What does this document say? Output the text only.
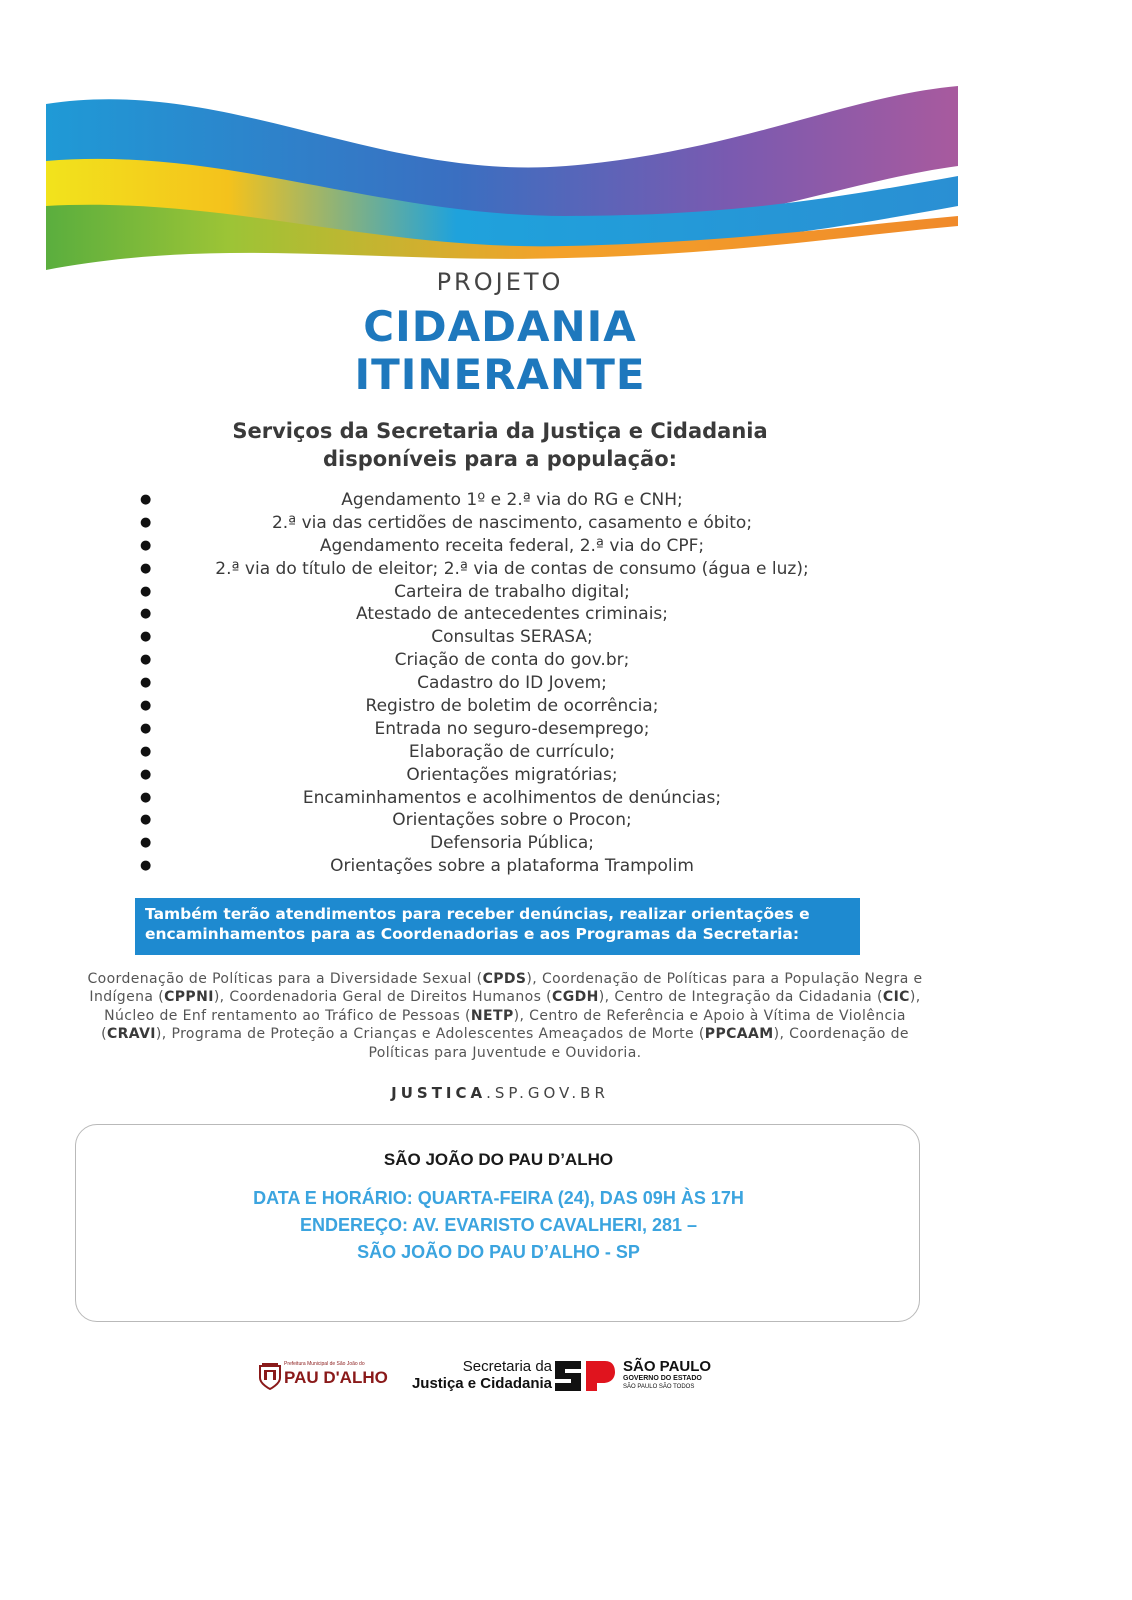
PROJETO
CIDADANIA
ITINERANTE
Serviços da Secretaria da Justiça e Cidadania
disponíveis para a população:
●	Agendamento 1º e 2.ª via do RG e CNH;
●	2.ª via das certidões de nascimento, casamento e óbito;
●	Agendamento receita federal, 2.ª via do CPF;
●	2.ª via do título de eleitor; 2.ª via de contas de consumo (água e luz);
●	Carteira de trabalho digital;
●	Atestado de antecedentes criminais;
●	Consultas SERASA;
●	Criação de conta do gov.br;
●	Cadastro do ID Jovem;
●	Registro de boletim de ocorrência;
●	Entrada no seguro-desemprego;
●	Elaboração de currículo;
●	Orientações migratórias;
●	Encaminhamentos e acolhimentos de denúncias;
●	Orientações sobre o Procon;
●	Defensoria Pública;
●	Orientações sobre a plataforma Trampolim
Também terão atendimentos para receber denúncias, realizar orientações e
encaminhamentos para as Coordenadorias e aos Programas da Secretaria:

Coordenação de Políticas para a Diversidade Sexual (CPDS), Coordenação de Políticas para a População Negra e Indígena (CPPNI), Coordenadoria Geral de Direitos Humanos (CGDH), Centro de Integração da Cidadania (CIC), Núcleo de Enf rentamento ao Tráfico de Pessoas (NETP), Centro de Referência e Apoio à Vítima de Violência (CRAVI), Programa de Proteção a Crianças e Adolescentes Ameaçados de Morte (PPCAAM), Coordenação de Políticas para Juventude e Ouvidoria.

JUSTICA.SP.GOV.BR
SÃO JOÃO DO PAU D’ALHO
DATA E HORÁRIO: QUARTA-FEIRA (24), DAS 09H ÀS 17H
ENDEREÇO: AV. EVARISTO CAVALHERI, 281 –
SÃO JOÃO DO PAU D’ALHO - SP
Prefeitura Municipal de São João do
PAU D'ALHO
Secretaria da
Justiça e Cidadania
SÃO PAULO
GOVERNO DO ESTADO
SÃO PAULO SÃO TODOS
